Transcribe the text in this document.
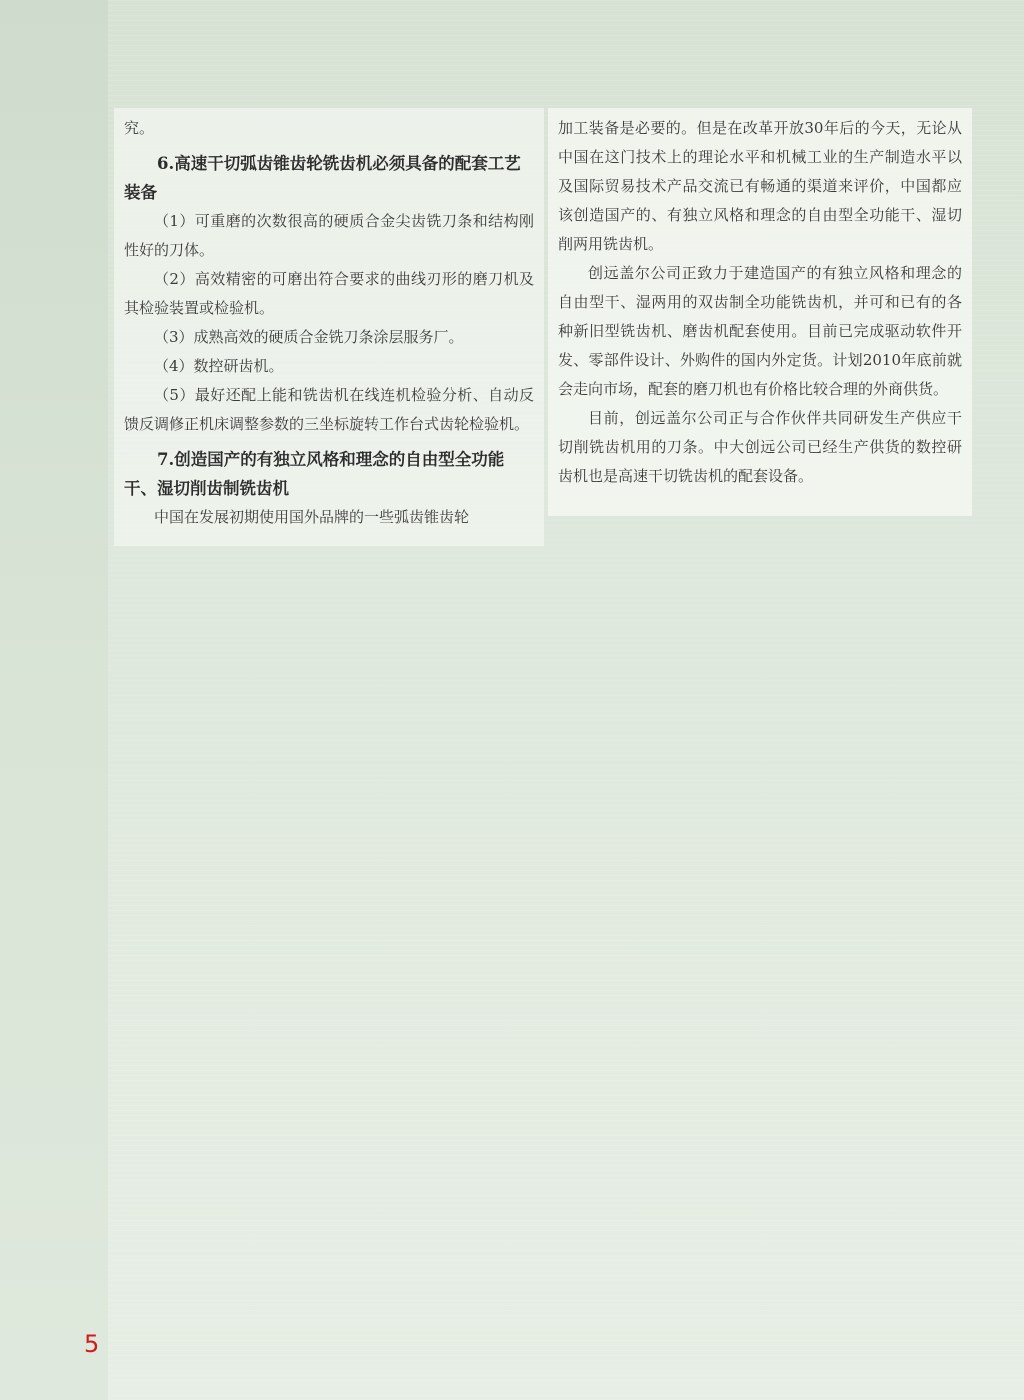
究。

6.高速干切弧齿锥齿轮铣齿机必须具备的配套工艺装备

（1）可重磨的次数很高的硬质合金尖齿铣刀条和结构刚性好的刀体。

（2）高效精密的可磨出符合要求的曲线刃形的磨刀机及其检验装置或检验机。

（3）成熟高效的硬质合金铣刀条涂层服务厂。

（4）数控研齿机。

（5）最好还配上能和铣齿机在线连机检验分析、自动反馈反调修正机床调整参数的三坐标旋转工作台式齿轮检验机。

7.创造国产的有独立风格和理念的自由型全功能干、湿切削齿制铣齿机

中国在发展初期使用国外品牌的一些弧齿锥齿轮

加工装备是必要的。但是在改革开放30年后的今天，无论从中国在这门技术上的理论水平和机械工业的生产制造水平以及国际贸易技术产品交流已有畅通的渠道来评价，中国都应该创造国产的、有独立风格和理念的自由型全功能干、湿切削两用铣齿机。

创远盖尔公司正致力于建造国产的有独立风格和理念的自由型干、湿两用的双齿制全功能铣齿机，并可和已有的各种新旧型铣齿机、磨齿机配套使用。目前已完成驱动软件开发、零部件设计、外购件的国内外定货。计划2010年底前就会走向市场，配套的磨刀机也有价格比较合理的外商供货。

目前，创远盖尔公司正与合作伙伴共同研发生产供应干切削铣齿机用的刀条。中大创远公司已经生产供货的数控研齿机也是高速干切铣齿机的配套设备。

5
